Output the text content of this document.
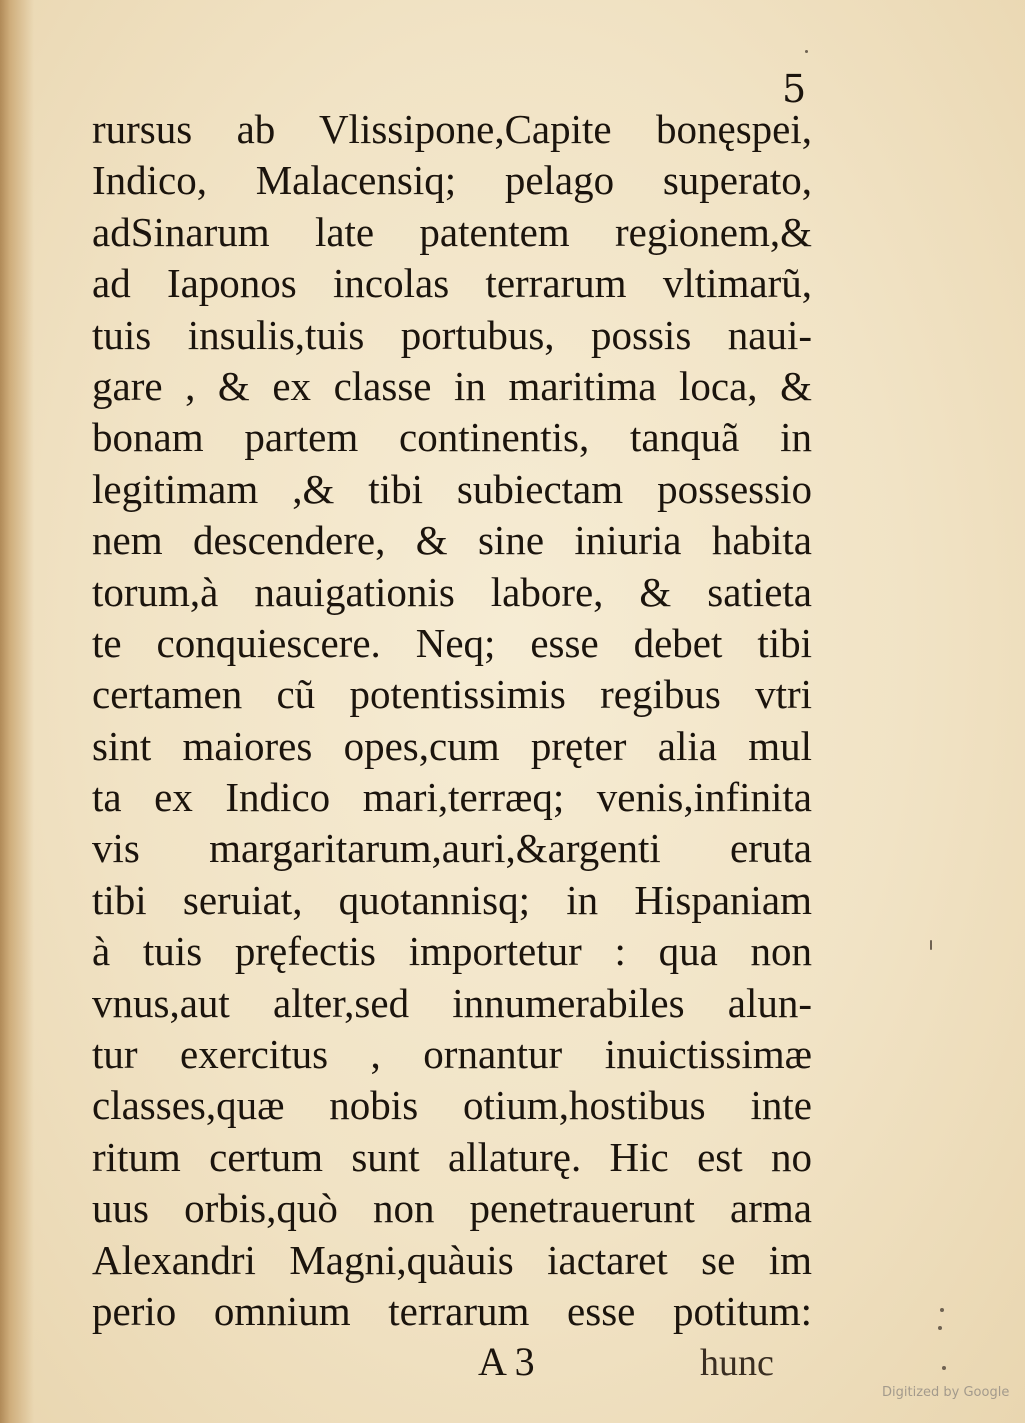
5
rursus ab Vlissipone,Capite bonęspei,
Indico, Malacensiq; pelago superato,
adSinarum late patentem regionem,&
ad Iaponos incolas terrarum vltimarũ,
tuis insulis,tuis portubus, possis naui-
gare , & ex classe in maritima loca, &
bonam partem continentis, tanquã in
legitimam ,& tibi subiectam possessio
nem descendere, & sine iniuria habita
torum,à nauigationis labore, & satieta
te conquiescere. Neq; esse debet tibi
certamen cũ potentissimis regibus vtri
sint maiores opes,cum pręter alia mul
ta ex Indico mari,terræq; venis,infinita
vis margaritarum,auri,&argenti eruta
tibi seruiat, quotannisq; in Hispaniam
à tuis pręfectis importetur : qua non
vnus,aut alter,sed innumerabiles alun-
tur exercitus , ornantur inuictissimæ
classes,quæ nobis otium,hostibus inte
ritum certum sunt allaturę. Hic est no
uus orbis,quò non penetrauerunt arma
Alexandri Magni,quàuis iactaret se im
perio omnium terrarum esse potitum:
A 3	hunc
Digitized by Google
